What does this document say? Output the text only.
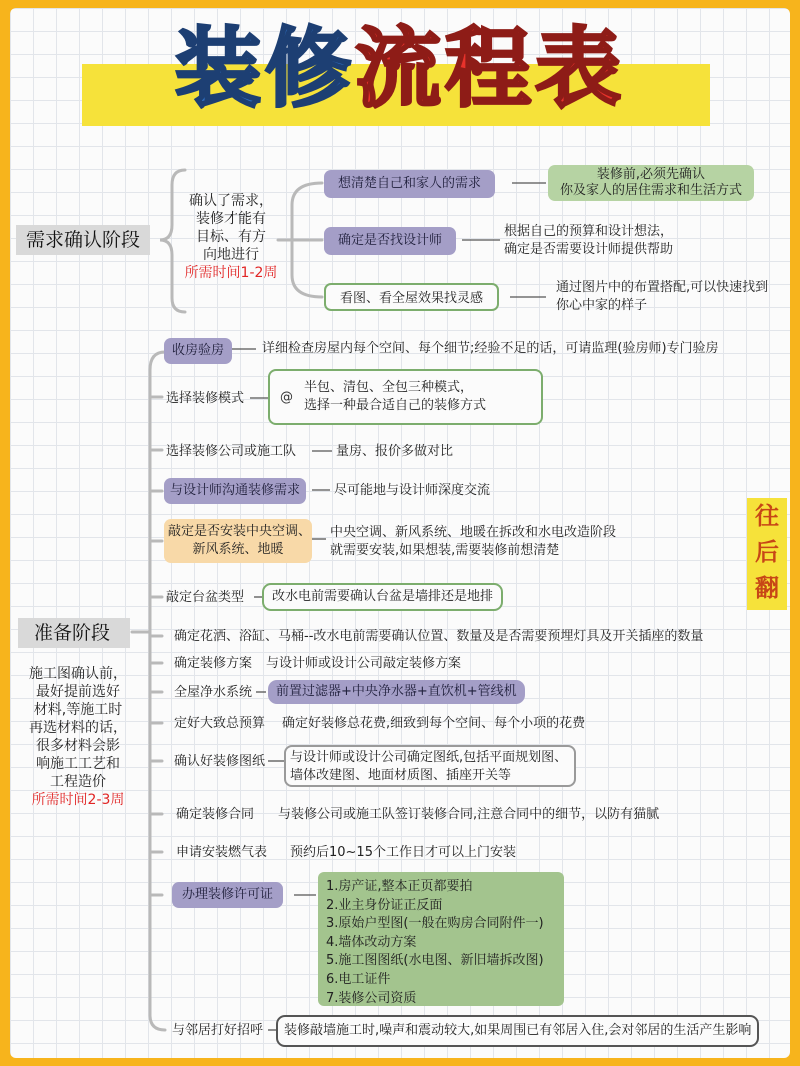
装修流程表
往
后
翻
需求确认阶段
确认了需求，
装修才能有
目标、有方
向地进行
所需时间1-2周
想清楚自己和家人的需求
装修前,必须先确认
你及家人的居住需求和生活方式
确定是否找设计师
根据自己的预算和设计想法，
确定是否需要设计师提供帮助
看图、看全屋效果找灵感
通过图片中的布置搭配,可以快速找到
你心中家的样子
准备阶段
施工图确认前，
最好提前选好
材料,等施工时
再选材料的话，
很多材料会影
响施工工艺和
工程造价
所需时间2-3周
收房验房	详细检查房屋内每个空间、每个细节;经验不足的话，可请监理(验房师)专门验房
选择装修模式	@
半包、清包、全包三种模式，
选择一种最合适自己的装修方式
选择装修公司或施工队	量房、报价多做对比
与设计师沟通装修需求	尽可能地与设计师深度交流
敲定是否安装中央空调、
新风系统、地暖
中央空调、新风系统、地暖在拆改和水电改造阶段
就需要安装,如果想装,需要装修前想清楚
敲定台盆类型	改水电前需要确认台盆是墙排还是地排
确定花洒、浴缸、马桶--改水电前需要确认位置、数量及是否需要预埋灯具及开关插座的数量
确定装修方案 与设计师或设计公司敲定装修方案
全屋净水系统	前置过滤器+中央净水器+直饮机+管线机
定好大致总预算 确定好装修总花费,细致到每个空间、每个小项的花费
确认好装修图纸 与设计师或设计公司确定图纸,包括平面规划图、
墙体改建图、地面材质图、插座开关等
确定装修合同 与装修公司或施工队签订装修合同,注意合同中的细节，以防有猫腻
申请安装燃气表 预约后10~15个工作日才可以上门安装
办理装修许可证
1.房产证,整本正页都要拍
2.业主身份证正反面
3.原始户型图(一般在购房合同附件一)
4.墙体改动方案
5.施工图图纸(水电图、新旧墙拆改图)
6.电工证件
7.装修公司资质
与邻居打好招呼	装修敲墙施工时,噪声和震动较大,如果周围已有邻居入住,会对邻居的生活产生影响
